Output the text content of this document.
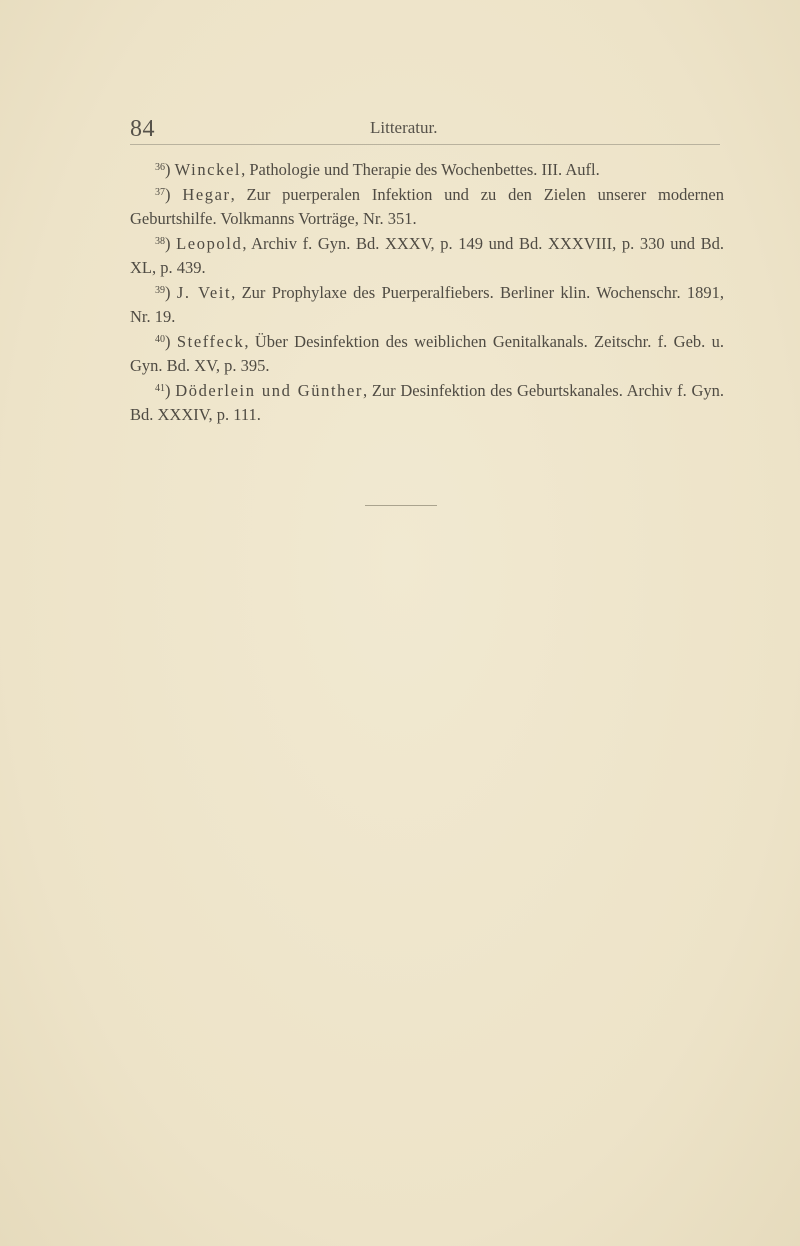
84	Litteratur.

$^{36}$) Winckel, Pathologie und Therapie des Wochenbettes. III. Aufl.

$^{37}$) Hegar, Zur puerperalen Infektion und zu den Zielen unserer modernen Geburtshilfe. Volkmanns Vorträge, Nr. 351.

$^{38}$) Leopold, Archiv f. Gyn. Bd. XXXV, p. 149 und Bd. XXXVIII, p. 330 und Bd. XL, p. 439.

$^{39}$) J. Veit, Zur Prophylaxe des Puerperalfiebers. Berliner klin. Wochenschr. 1891, Nr. 19.

$^{40}$) Steffeck, Über Desinfektion des weiblichen Genitalkanals. Zeitschr. f. Geb. u. Gyn. Bd. XV, p. 395.

$^{41}$) Döderlein und Günther, Zur Desinfektion des Geburtskanales. Archiv f. Gyn. Bd. XXXIV, p. 111.
